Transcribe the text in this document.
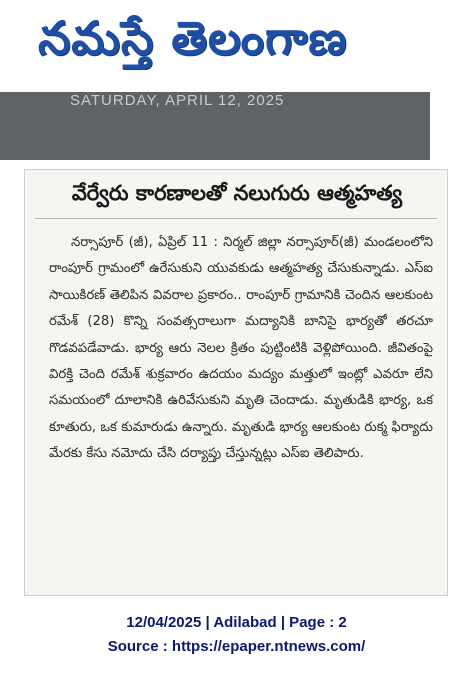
నమస్తే తెలంగాణ
SATURDAY, APRIL 12, 2025
వేర్వేరు కారణాలతో నలుగురు ఆత్మహత్య
నర్సాపూర్ (జీ), ఏప్రిల్ 11 : నిర్మల్ జిల్లా నర్సాపూర్(జీ) మండలంలోని రాంపూర్ గ్రామంలో ఉరేసుకుని యువకుడు ఆత్మహత్య చేసుకున్నాడు. ఎస్ఐ సాయికిరణ్ తెలిపిన వివరాల ప్రకారం.. రాంపూర్ గ్రామానికి చెందిన ఆలకుంట రమేశ్ (28) కొన్ని సంవత్సరాలుగా మద్యానికి బానిసై భార్యతో తరచూ గొడవపడేవాడు. భార్య ఆరు నెలల క్రితం పుట్టింటికి వెళ్లిపోయింది. జీవితంపై విరక్తి చెంది రమేశ్ శుక్రవారం ఉదయం మద్యం మత్తులో ఇంట్లో ఎవరూ లేని సమయంలో దూలానికి ఉరివేసుకుని మృతి చెందాడు. మృతుడికి భార్య, ఒక కూతురు, ఒక కుమారుడు ఉన్నారు. మృతుడి భార్య ఆలకుంట రుక్మ ఫిర్యాదు మేరకు కేసు నమోదు చేసి దర్యాప్తు చేస్తున్నట్లు ఎస్ఐ తెలిపారు.
12/04/2025 | Adilabad | Page : 2
Source : https://epaper.ntnews.com/
